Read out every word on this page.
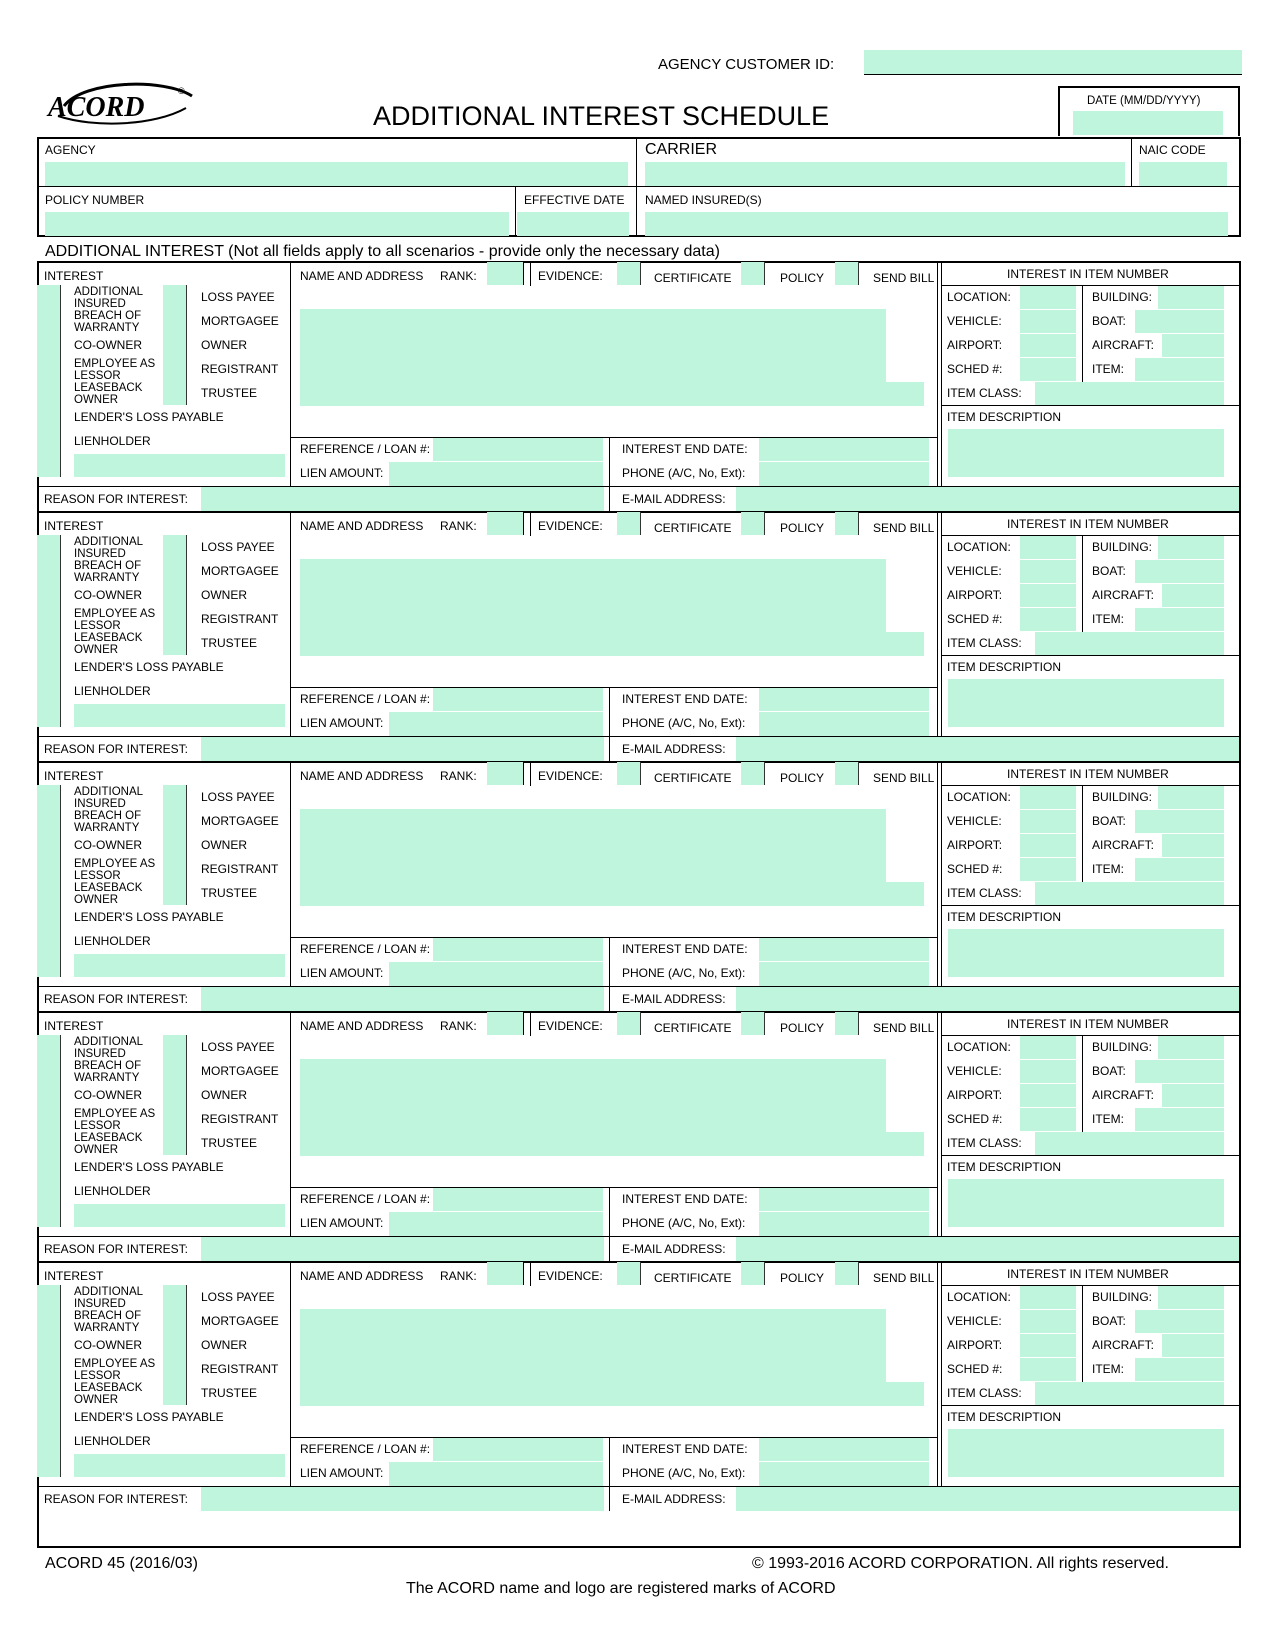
AGENCY CUSTOMER ID:
ACORD
®
ADDITIONAL INTEREST SCHEDULE	DATE (MM/DD/YYYY)
AGENCY	CARRIER	NAIC CODE
POLICY NUMBER	EFFECTIVE DATE NAMED INSURED(S)
ADDITIONAL INTEREST (Not all fields apply to all scenarios - provide only the necessary data)
INTEREST
ADDITIONAL INSURED
BREACH OF WARRANTY
CO-OWNER
EMPLOYEE AS LESSOR
LEASEBACK OWNER
LENDER'S LOSS PAYABLE
LIENHOLDER
LOSS PAYEE
MORTGAGEE
OWNER
REGISTRANT
TRUSTEE
NAME AND ADDRESS RANK:	EVIDENCE:	CERTIFICATE	POLICY	SEND BILL
REFERENCE / LOAN #:
LIEN AMOUNT:
INTEREST END DATE:
PHONE (A/C, No, Ext):
REASON FOR INTEREST:	E-MAIL ADDRESS:
INTEREST IN ITEM NUMBER
LOCATION:	BUILDING:
VEHICLE:	BOAT:
AIRPORT:	AIRCRAFT:
SCHED #:	ITEM:
ITEM CLASS:
ITEM DESCRIPTION
INTEREST
ADDITIONAL INSURED
BREACH OF WARRANTY
CO-OWNER
EMPLOYEE AS LESSOR
LEASEBACK OWNER
LENDER'S LOSS PAYABLE
LIENHOLDER
LOSS PAYEE
MORTGAGEE
OWNER
REGISTRANT
TRUSTEE
NAME AND ADDRESS RANK:	EVIDENCE:	CERTIFICATE	POLICY	SEND BILL
REFERENCE / LOAN #:
LIEN AMOUNT:
INTEREST END DATE:
PHONE (A/C, No, Ext):
REASON FOR INTEREST:	E-MAIL ADDRESS:
INTEREST IN ITEM NUMBER
LOCATION:	BUILDING:
VEHICLE:	BOAT:
AIRPORT:	AIRCRAFT:
SCHED #:	ITEM:
ITEM CLASS:
ITEM DESCRIPTION
INTEREST
ADDITIONAL INSURED
BREACH OF WARRANTY
CO-OWNER
EMPLOYEE AS LESSOR
LEASEBACK OWNER
LENDER'S LOSS PAYABLE
LIENHOLDER
LOSS PAYEE
MORTGAGEE
OWNER
REGISTRANT
TRUSTEE
NAME AND ADDRESS RANK:	EVIDENCE:	CERTIFICATE	POLICY	SEND BILL
REFERENCE / LOAN #:
LIEN AMOUNT:
INTEREST END DATE:
PHONE (A/C, No, Ext):
REASON FOR INTEREST:	E-MAIL ADDRESS:
INTEREST IN ITEM NUMBER
LOCATION:	BUILDING:
VEHICLE:	BOAT:
AIRPORT:	AIRCRAFT:
SCHED #:	ITEM:
ITEM CLASS:
ITEM DESCRIPTION
INTEREST
ADDITIONAL INSURED
BREACH OF WARRANTY
CO-OWNER
EMPLOYEE AS LESSOR
LEASEBACK OWNER
LENDER'S LOSS PAYABLE
LIENHOLDER
LOSS PAYEE
MORTGAGEE
OWNER
REGISTRANT
TRUSTEE
NAME AND ADDRESS RANK:	EVIDENCE:	CERTIFICATE	POLICY	SEND BILL
REFERENCE / LOAN #:
LIEN AMOUNT:
INTEREST END DATE:
PHONE (A/C, No, Ext):
REASON FOR INTEREST:	E-MAIL ADDRESS:
INTEREST IN ITEM NUMBER
LOCATION:	BUILDING:
VEHICLE:	BOAT:
AIRPORT:	AIRCRAFT:
SCHED #:	ITEM:
ITEM CLASS:
ITEM DESCRIPTION
INTEREST
ADDITIONAL INSURED
BREACH OF WARRANTY
CO-OWNER
EMPLOYEE AS LESSOR
LEASEBACK OWNER
LENDER'S LOSS PAYABLE
LIENHOLDER
LOSS PAYEE
MORTGAGEE
OWNER
REGISTRANT
TRUSTEE
NAME AND ADDRESS RANK:	EVIDENCE:	CERTIFICATE	POLICY	SEND BILL
REFERENCE / LOAN #:
LIEN AMOUNT:
INTEREST END DATE:
PHONE (A/C, No, Ext):
REASON FOR INTEREST:	E-MAIL ADDRESS:
INTEREST IN ITEM NUMBER
LOCATION:	BUILDING:
VEHICLE:	BOAT:
AIRPORT:	AIRCRAFT:
SCHED #:	ITEM:
ITEM CLASS:
ITEM DESCRIPTION
ACORD 45 (2016/03)	© 1993-2016 ACORD CORPORATION. All rights reserved.
The ACORD name and logo are registered marks of ACORD
